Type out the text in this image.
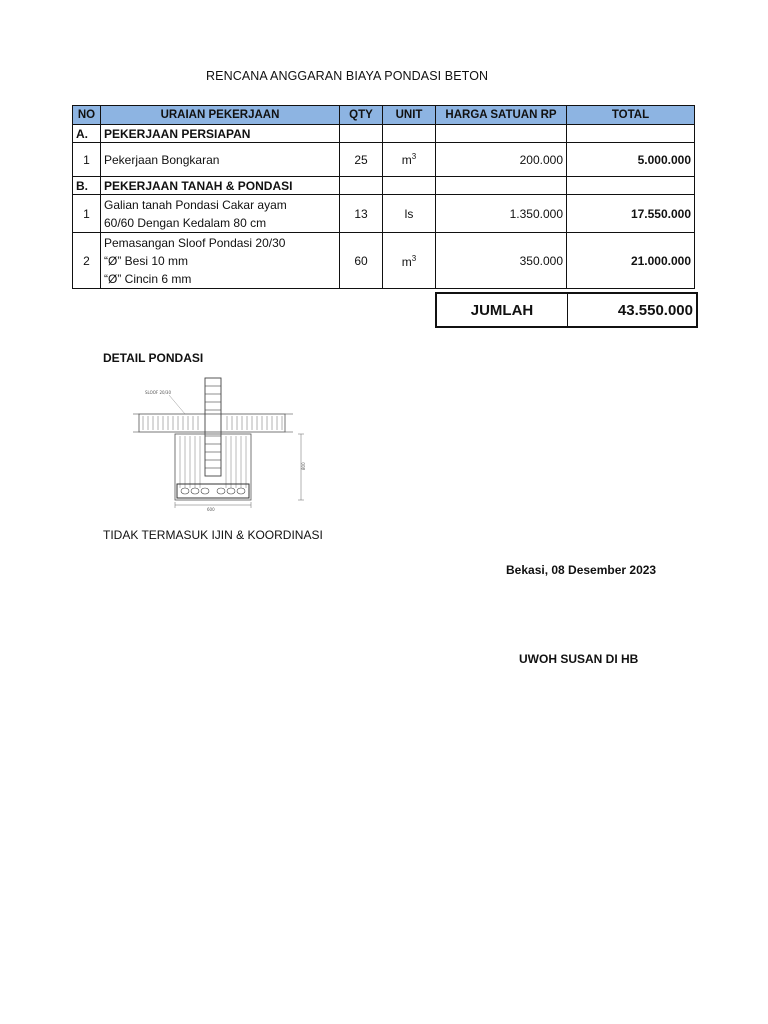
RENCANA ANGGARAN BIAYA PONDASI BETON
NO	URAIAN PEKERJAAN	QTY	UNIT	HARGA SATUAN RP	TOTAL
A.	PEKERJAAN PERSIAPAN				
1	Pekerjaan Bongkaran	25	$m^3$	200.000	5.000.000
B.	PEKERJAAN TANAH & PONDASI				
1	Galian tanah Pondasi Cakar ayam
60/60 Dengan Kedalam 80 cm	13	ls	1.350.000	17.550.000
2	Pemasangan Sloof Pondasi 20/30
“Ø” Besi 10 mm
“Ø” Cincin 6 mm	60	$m^3$	350.000	21.000.000
JUMLAH	43.550.000
DETAIL PONDASI
SLOOF 20/30
600
800
TIDAK TERMASUK IJIN & KOORDINASI
Bekasi, 08 Desember 2023
UWOH SUSAN DI HB
